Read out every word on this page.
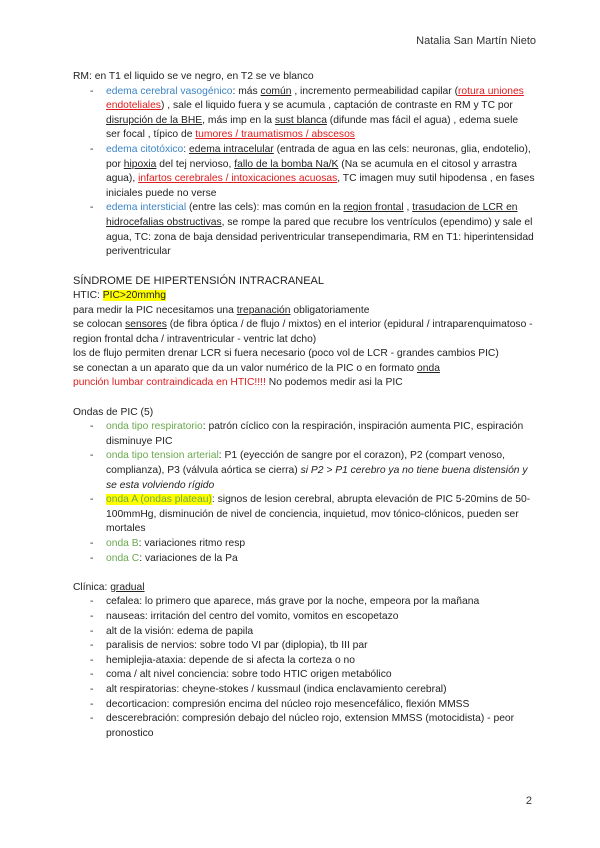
Natalia San Martín Nieto

RM: en T1 el liquido se ve negro, en T2 se ve blanco

- edema cerebral vasogénico: más común , incremento permeabilidad capilar (rotura uniones endoteliales) , sale el liquido fuera y se acumula , captación de contraste en RM y TC por disrupción de la BHE, más imp en la sust blanca (difunde mas fácil el agua) , edema suele ser focal , típico de tumores / traumatismos / abscesos
- edema citotóxico: edema intracelular (entrada de agua en las cels: neuronas, glia, endotelio), por hipoxia del tej nervioso, fallo de la bomba Na/K (Na se acumula en el citosol y arrastra agua), infartos cerebrales / intoxicaciones acuosas, TC imagen muy sutil hipodensa , en fases iniciales puede no verse
- edema intersticial (entre las cels): mas común en la region frontal , trasudacion de LCR en hidrocefalias obstructivas, se rompe la pared que recubre los ventrículos (ependimo) y sale el agua, TC: zona de baja densidad periventricular transependimaria, RM en T1: hiperintensidad periventricular

SÍNDROME DE HIPERTENSIÓN INTRACRANEAL

HTIC: PIC>20mmhg

para medir la PIC necesitamos una trepanación obligatoriamente

se colocan sensores (de fibra óptica / de flujo / mixtos) en el interior (epidural / intraparenquimatoso - region frontal dcha / intraventricular - ventric lat dcho)

los de flujo permiten drenar LCR si fuera necesario (poco vol de LCR - grandes cambios PIC)

se conectan a un aparato que da un valor numérico de la PIC o en formato onda

punción lumbar contraindicada en HTIC!!!! No podemos medir asi la PIC

Ondas de PIC (5)

- onda tipo respiratorio: patrón cíclico con la respiración, inspiración aumenta PIC, espiración disminuye PIC
- onda tipo tension arterial: P1 (eyección de sangre por el corazon), P2 (compart venoso, complianza), P3 (válvula aórtica se cierra) si P2 > P1 cerebro ya no tiene buena distensión y se esta volviendo rígido
- onda A (ondas plateau): signos de lesion cerebral, abrupta elevación de PIC 5-20mins de 50-100mmHg, disminución de nivel de conciencia, inquietud, mov tónico-clónicos, pueden ser mortales
- onda B: variaciones ritmo resp
- onda C: variaciones de la Pa

Clínica: gradual

- cefalea: lo primero que aparece, más grave por la noche, empeora por la mañana
- nauseas: irritación del centro del vomito, vomitos en escopetazo
- alt de la visión: edema de papila
- paralisis de nervios: sobre todo VI par (diplopia), tb III par
- hemiplejia-ataxia: depende de si afecta la corteza o no
- coma / alt nivel conciencia: sobre todo HTIC origen metabólico
- alt respiratorias: cheyne-stokes / kussmaul (indica enclavamiento cerebral)
- decorticacion: compresión encima del núcleo rojo mesencefálico, flexión MMSS
- descerebración: compresión debajo del núcleo rojo, extension MMSS (motocidista) - peor pronostico
2
